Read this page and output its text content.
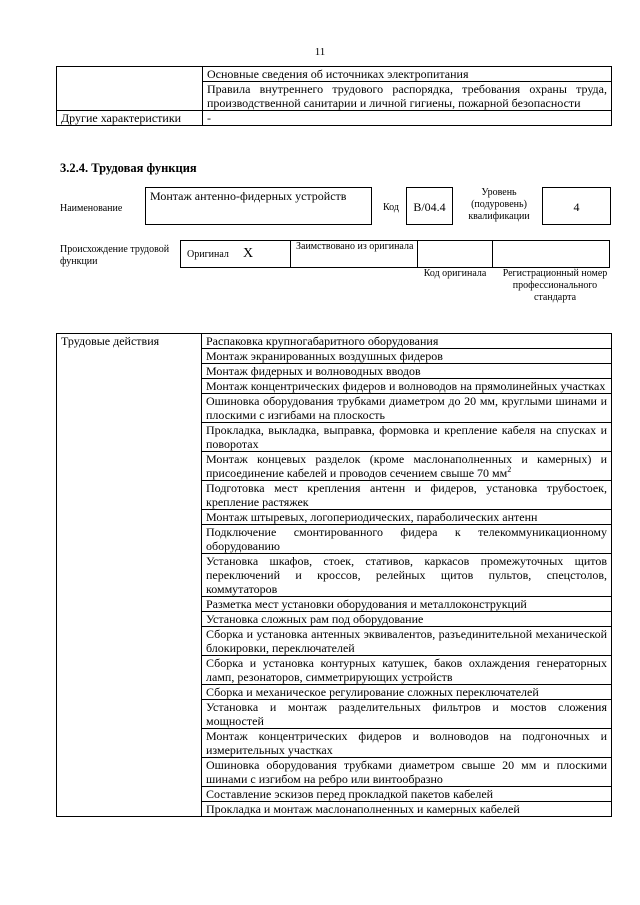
11
	Основные сведения об источниках электропитания
	Правила внутреннего трудового распорядка, требования охраны труда, производственной санитарии и личной гигиены, пожарной безопасности
Другие характеристики	-
3.2.4. Трудовая функция
Наименование
Монтаж антенно-фидерных устройств
Код	B/04.4
Уровень (подуровень) квалификации
4
Происхождение трудовой функции
Оригинал X	Заимствовано из оригинала
Код оригинала	Регистрационный номер профессионального стандарта
Трудовые действия	Распаковка крупногабаритного оборудования
Монтаж экранированных воздушных фидеров
Монтаж фидерных и волноводных вводов
Монтаж концентрических фидеров и волноводов на прямолинейных участках
Ошиновка оборудования трубками диаметром до 20 мм, круглыми шинами и плоскими с изгибами на плоскость
Прокладка, выкладка, выправка, формовка и крепление кабеля на спусках и поворотах
Монтаж концевых разделок (кроме маслонаполненных и камерных) и присоединение кабелей и проводов сечением свыше 70 $мм^2$
Подготовка мест крепления антенн и фидеров, установка трубостоек, крепление растяжек
Монтаж штыревых, логопериодических, параболических антенн
Подключение смонтированного фидера к телекоммуникационному оборудованию
Установка шкафов, стоек, стативов, каркасов промежуточных щитов переключений и кроссов, релейных щитов пультов, спецстолов, коммутаторов
Разметка мест установки оборудования и металлоконструкций
Установка сложных рам под оборудование
Сборка и установка антенных эквивалентов, разъединительной механической блокировки, переключателей
Сборка и установка контурных катушек, баков охлаждения генераторных ламп, резонаторов, симметрирующих устройств
Сборка и механическое регулирование сложных переключателей
Установка и монтаж разделительных фильтров и мостов сложения мощностей
Монтаж концентрических фидеров и волноводов на подгоночных и измерительных участках
Ошиновка оборудования трубками диаметром свыше 20 мм и плоскими шинами с изгибом на ребро или винтообразно
Составление эскизов перед прокладкой пакетов кабелей
Прокладка и монтаж маслонаполненных и камерных кабелей
